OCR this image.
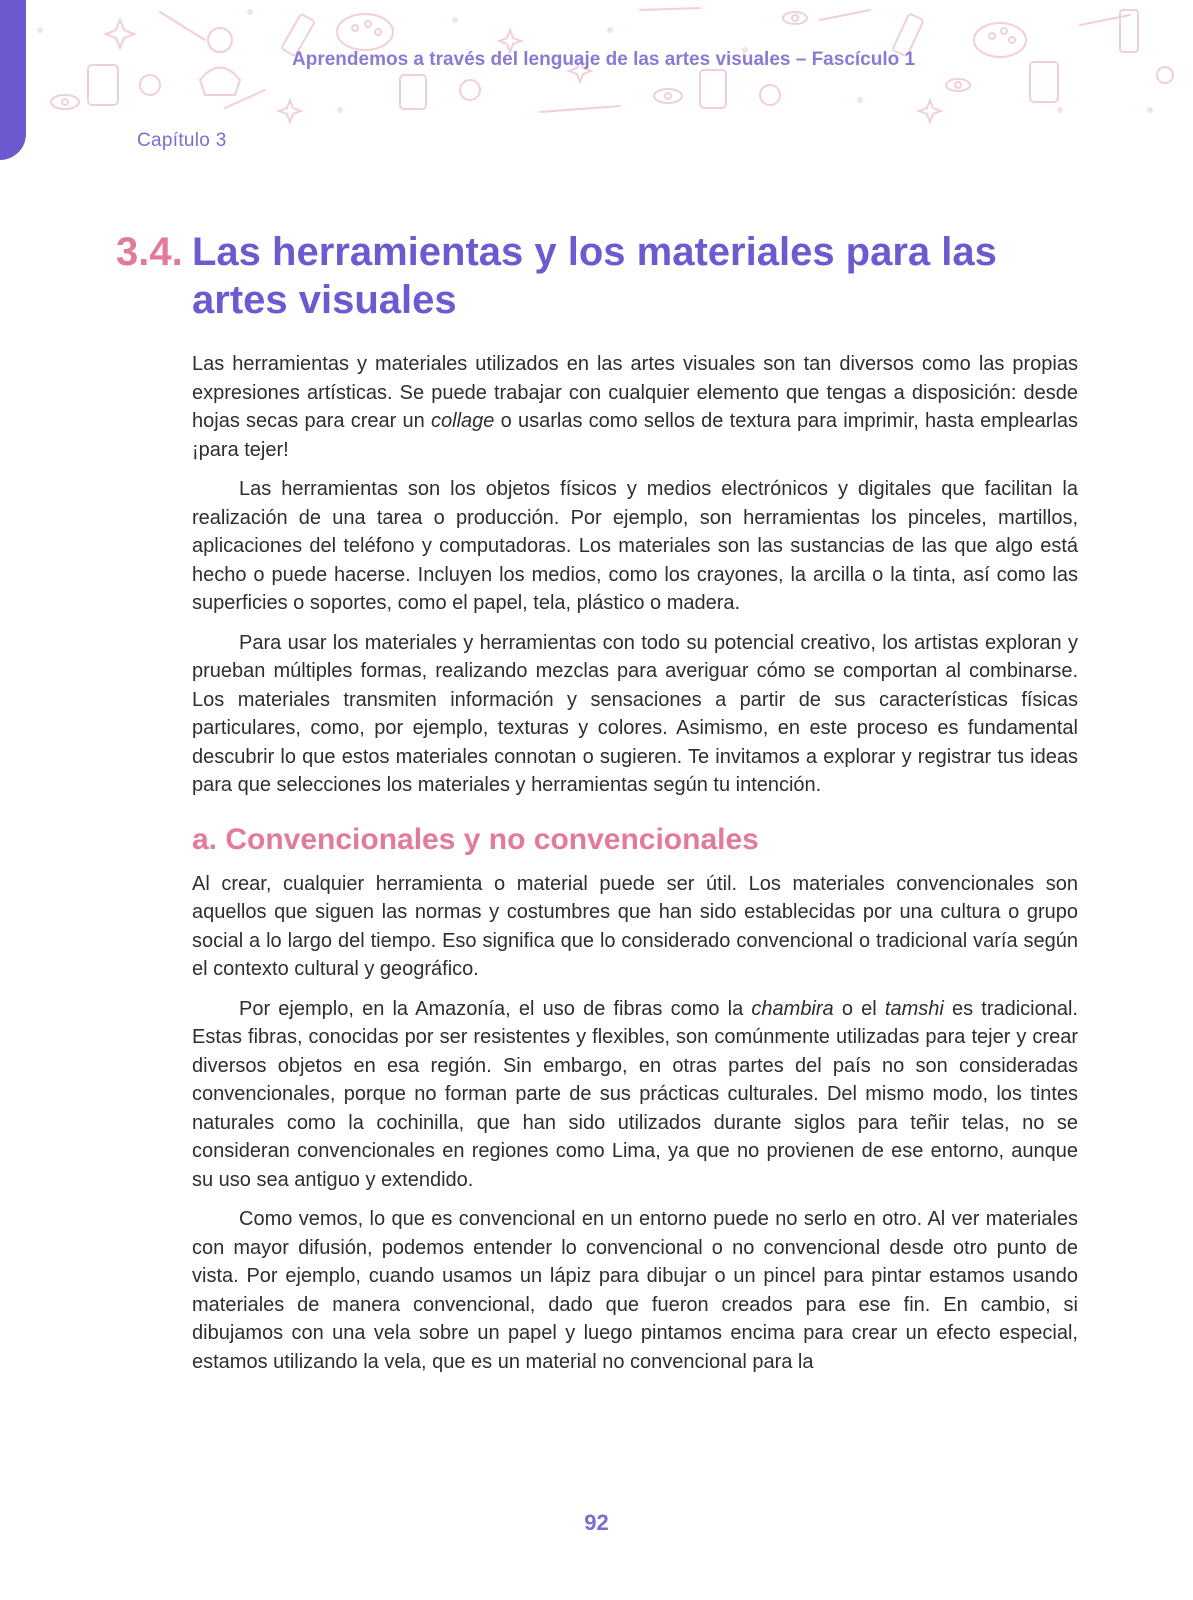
Aprendemos a través del lenguaje de las artes visuales – Fascículo 1
Capítulo 3
3.4. Las herramientas y los materiales para las artes visuales

Las herramientas y materiales utilizados en las artes visuales son tan diversos como las propias expresiones artísticas. Se puede trabajar con cualquier elemento que tengas a disposición: desde hojas secas para crear un collage o usarlas como sellos de textura para imprimir, hasta emplearlas ¡para tejer!

Las herramientas son los objetos físicos y medios electrónicos y digitales que facilitan la realización de una tarea o producción. Por ejemplo, son herramientas los pinceles, martillos, aplicaciones del teléfono y computadoras. Los materiales son las sustancias de las que algo está hecho o puede hacerse. Incluyen los medios, como los crayones, la arcilla o la tinta, así como las superficies o soportes, como el papel, tela, plástico o madera.

Para usar los materiales y herramientas con todo su potencial creativo, los artistas exploran y prueban múltiples formas, realizando mezclas para averiguar cómo se comportan al combinarse. Los materiales transmiten información y sensaciones a partir de sus características físicas particulares, como, por ejemplo, texturas y colores. Asimismo, en este proceso es fundamental descubrir lo que estos materiales connotan o sugieren. Te invitamos a explorar y registrar tus ideas para que selecciones los materiales y herramientas según tu intención.

a. Convencionales y no convencionales

Al crear, cualquier herramienta o material puede ser útil. Los materiales convencionales son aquellos que siguen las normas y costumbres que han sido establecidas por una cultura o grupo social a lo largo del tiempo. Eso significa que lo considerado convencional o tradicional varía según el contexto cultural y geográfico.

Por ejemplo, en la Amazonía, el uso de fibras como la chambira o el tamshi es tradicional. Estas fibras, conocidas por ser resistentes y flexibles, son comúnmente utilizadas para tejer y crear diversos objetos en esa región. Sin embargo, en otras partes del país no son consideradas convencionales, porque no forman parte de sus prácticas culturales. Del mismo modo, los tintes naturales como la cochinilla, que han sido utilizados durante siglos para teñir telas, no se consideran convencionales en regiones como Lima, ya que no provienen de ese entorno, aunque su uso sea antiguo y extendido.

Como vemos, lo que es convencional en un entorno puede no serlo en otro. Al ver materiales con mayor difusión, podemos entender lo convencional o no convencional desde otro punto de vista. Por ejemplo, cuando usamos un lápiz para dibujar o un pincel para pintar estamos usando materiales de manera convencional, dado que fueron creados para ese fin. En cambio, si dibujamos con una vela sobre un papel y luego pintamos encima para crear un efecto especial, estamos utilizando la vela, que es un material no convencional para la

92
